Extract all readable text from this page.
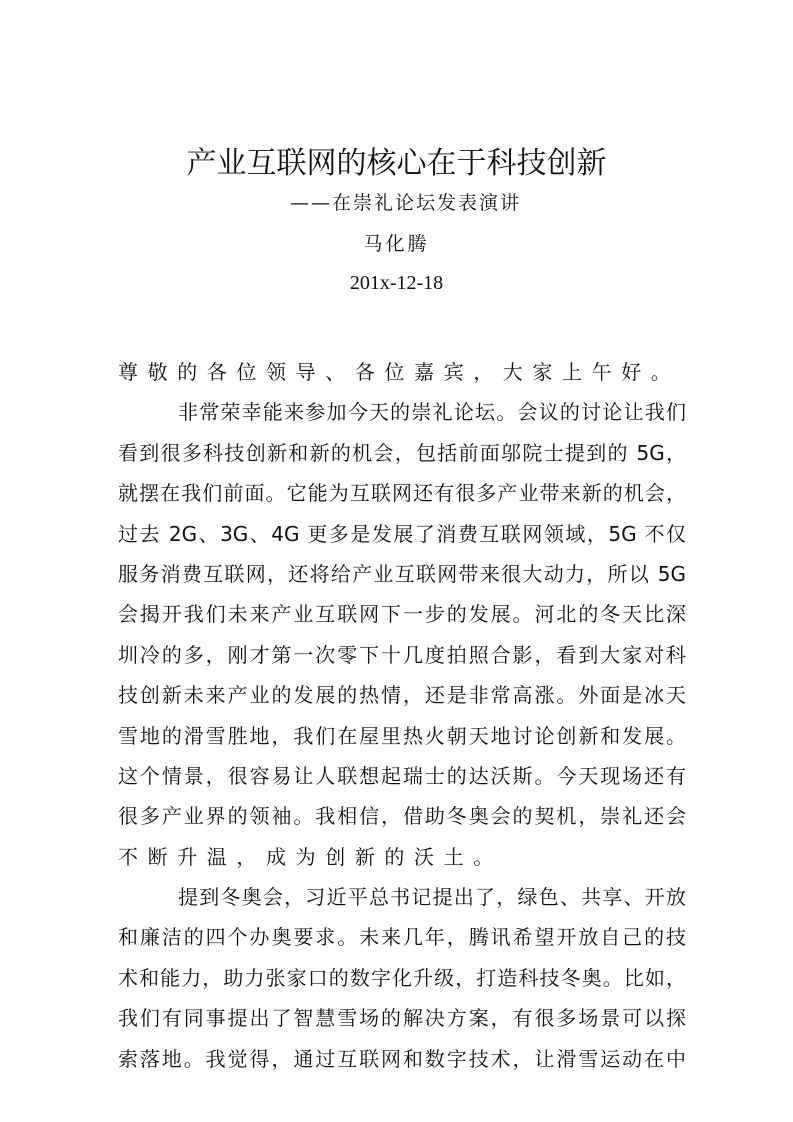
产业互联网的核心在于科技创新
——在崇礼论坛发表演讲
马化腾
201x-12-18
尊敬的各位领导、各位嘉宾，大家上午好。
非常荣幸能来参加今天的崇礼论坛。会议的讨论让我们
看到很多科技创新和新的机会，包括前面邬院士提到的 5G，
就摆在我们前面。它能为互联网还有很多产业带来新的机会，
过去 2G、3G、4G 更多是发展了消费互联网领域，5G 不仅
服务消费互联网，还将给产业互联网带来很大动力，所以 5G
会揭开我们未来产业互联网下一步的发展。河北的冬天比深
圳冷的多，刚才第一次零下十几度拍照合影，看到大家对科
技创新未来产业的发展的热情，还是非常高涨。外面是冰天
雪地的滑雪胜地，我们在屋里热火朝天地讨论创新和发展。
这个情景，很容易让人联想起瑞士的达沃斯。今天现场还有
很多产业界的领袖。我相信，借助冬奥会的契机，崇礼还会
不断升温，成为创新的沃土。
提到冬奥会，习近平总书记提出了，绿色、共享、开放
和廉洁的四个办奥要求。未来几年，腾讯希望开放自己的技
术和能力，助力张家口的数字化升级，打造科技冬奥。比如，
我们有同事提出了智慧雪场的解决方案，有很多场景可以探
索落地。我觉得，通过互联网和数字技术，让滑雪运动在中
